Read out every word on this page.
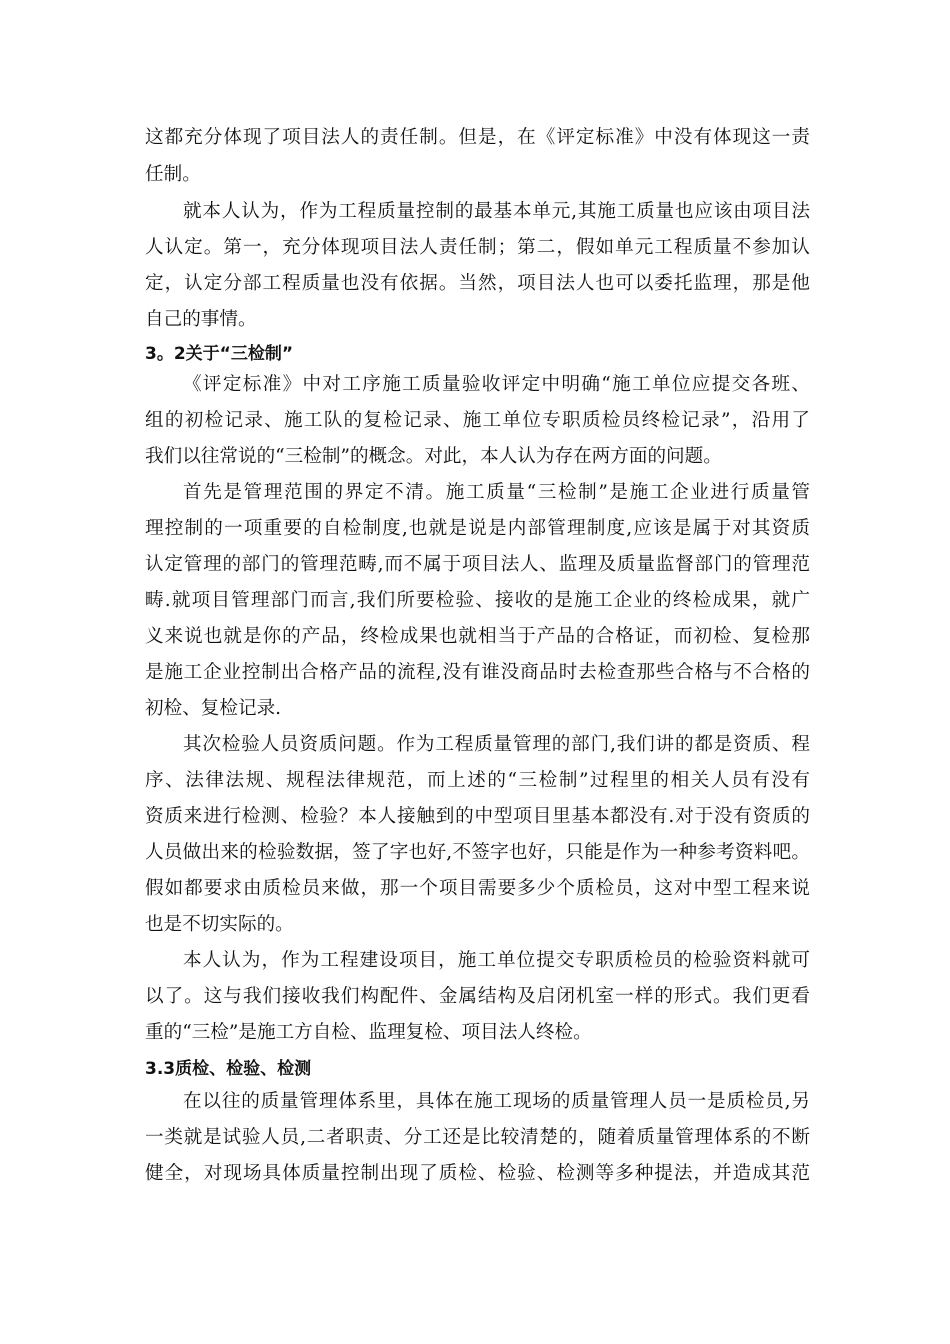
这都充分体现了项目法人的责任制。但是，在《评定标准》中没有体现这一责
任制。
就本人认为，作为工程质量控制的最基本单元,其施工质量也应该由项目法
人认定。第一，充分体现项目法人责任制；第二，假如单元工程质量不参加认
定，认定分部工程质量也没有依据。当然，项目法人也可以委托监理，那是他
自己的事情。
3。2关于“三检制”
《评定标准》中对工序施工质量验收评定中明确“施工单位应提交各班、
组的初检记录、施工队的复检记录、施工单位专职质检员终检记录”，沿用了
我们以往常说的“三检制”的概念。对此，本人认为存在两方面的问题。
首先是管理范围的界定不清。施工质量“三检制”是施工企业进行质量管
理控制的一项重要的自检制度,也就是说是内部管理制度,应该是属于对其资质
认定管理的部门的管理范畴,而不属于项目法人、监理及质量监督部门的管理范
畴.就项目管理部门而言,我们所要检验、接收的是施工企业的终检成果，就广
义来说也就是你的产品，终检成果也就相当于产品的合格证，而初检、复检那
是施工企业控制出合格产品的流程,没有谁没商品时去检查那些合格与不合格的
初检、复检记录.
其次检验人员资质问题。作为工程质量管理的部门,我们讲的都是资质、程
序、法律法规、规程法律规范，而上述的“三检制”过程里的相关人员有没有
资质来进行检测、检验？本人接触到的中型项目里基本都没有.对于没有资质的
人员做出来的检验数据，签了字也好,不签字也好，只能是作为一种参考资料吧。
假如都要求由质检员来做，那一个项目需要多少个质检员，这对中型工程来说
也是不切实际的。
本人认为，作为工程建设项目，施工单位提交专职质检员的检验资料就可
以了。这与我们接收我们构配件、金属结构及启闭机室一样的形式。我们更看
重的“三检”是施工方自检、监理复检、项目法人终检。
3.3质检、检验、检测
在以往的质量管理体系里，具体在施工现场的质量管理人员一是质检员,另
一类就是试验人员,二者职责、分工还是比较清楚的，随着质量管理体系的不断
健全，对现场具体质量控制出现了质检、检验、检测等多种提法，并造成其范
